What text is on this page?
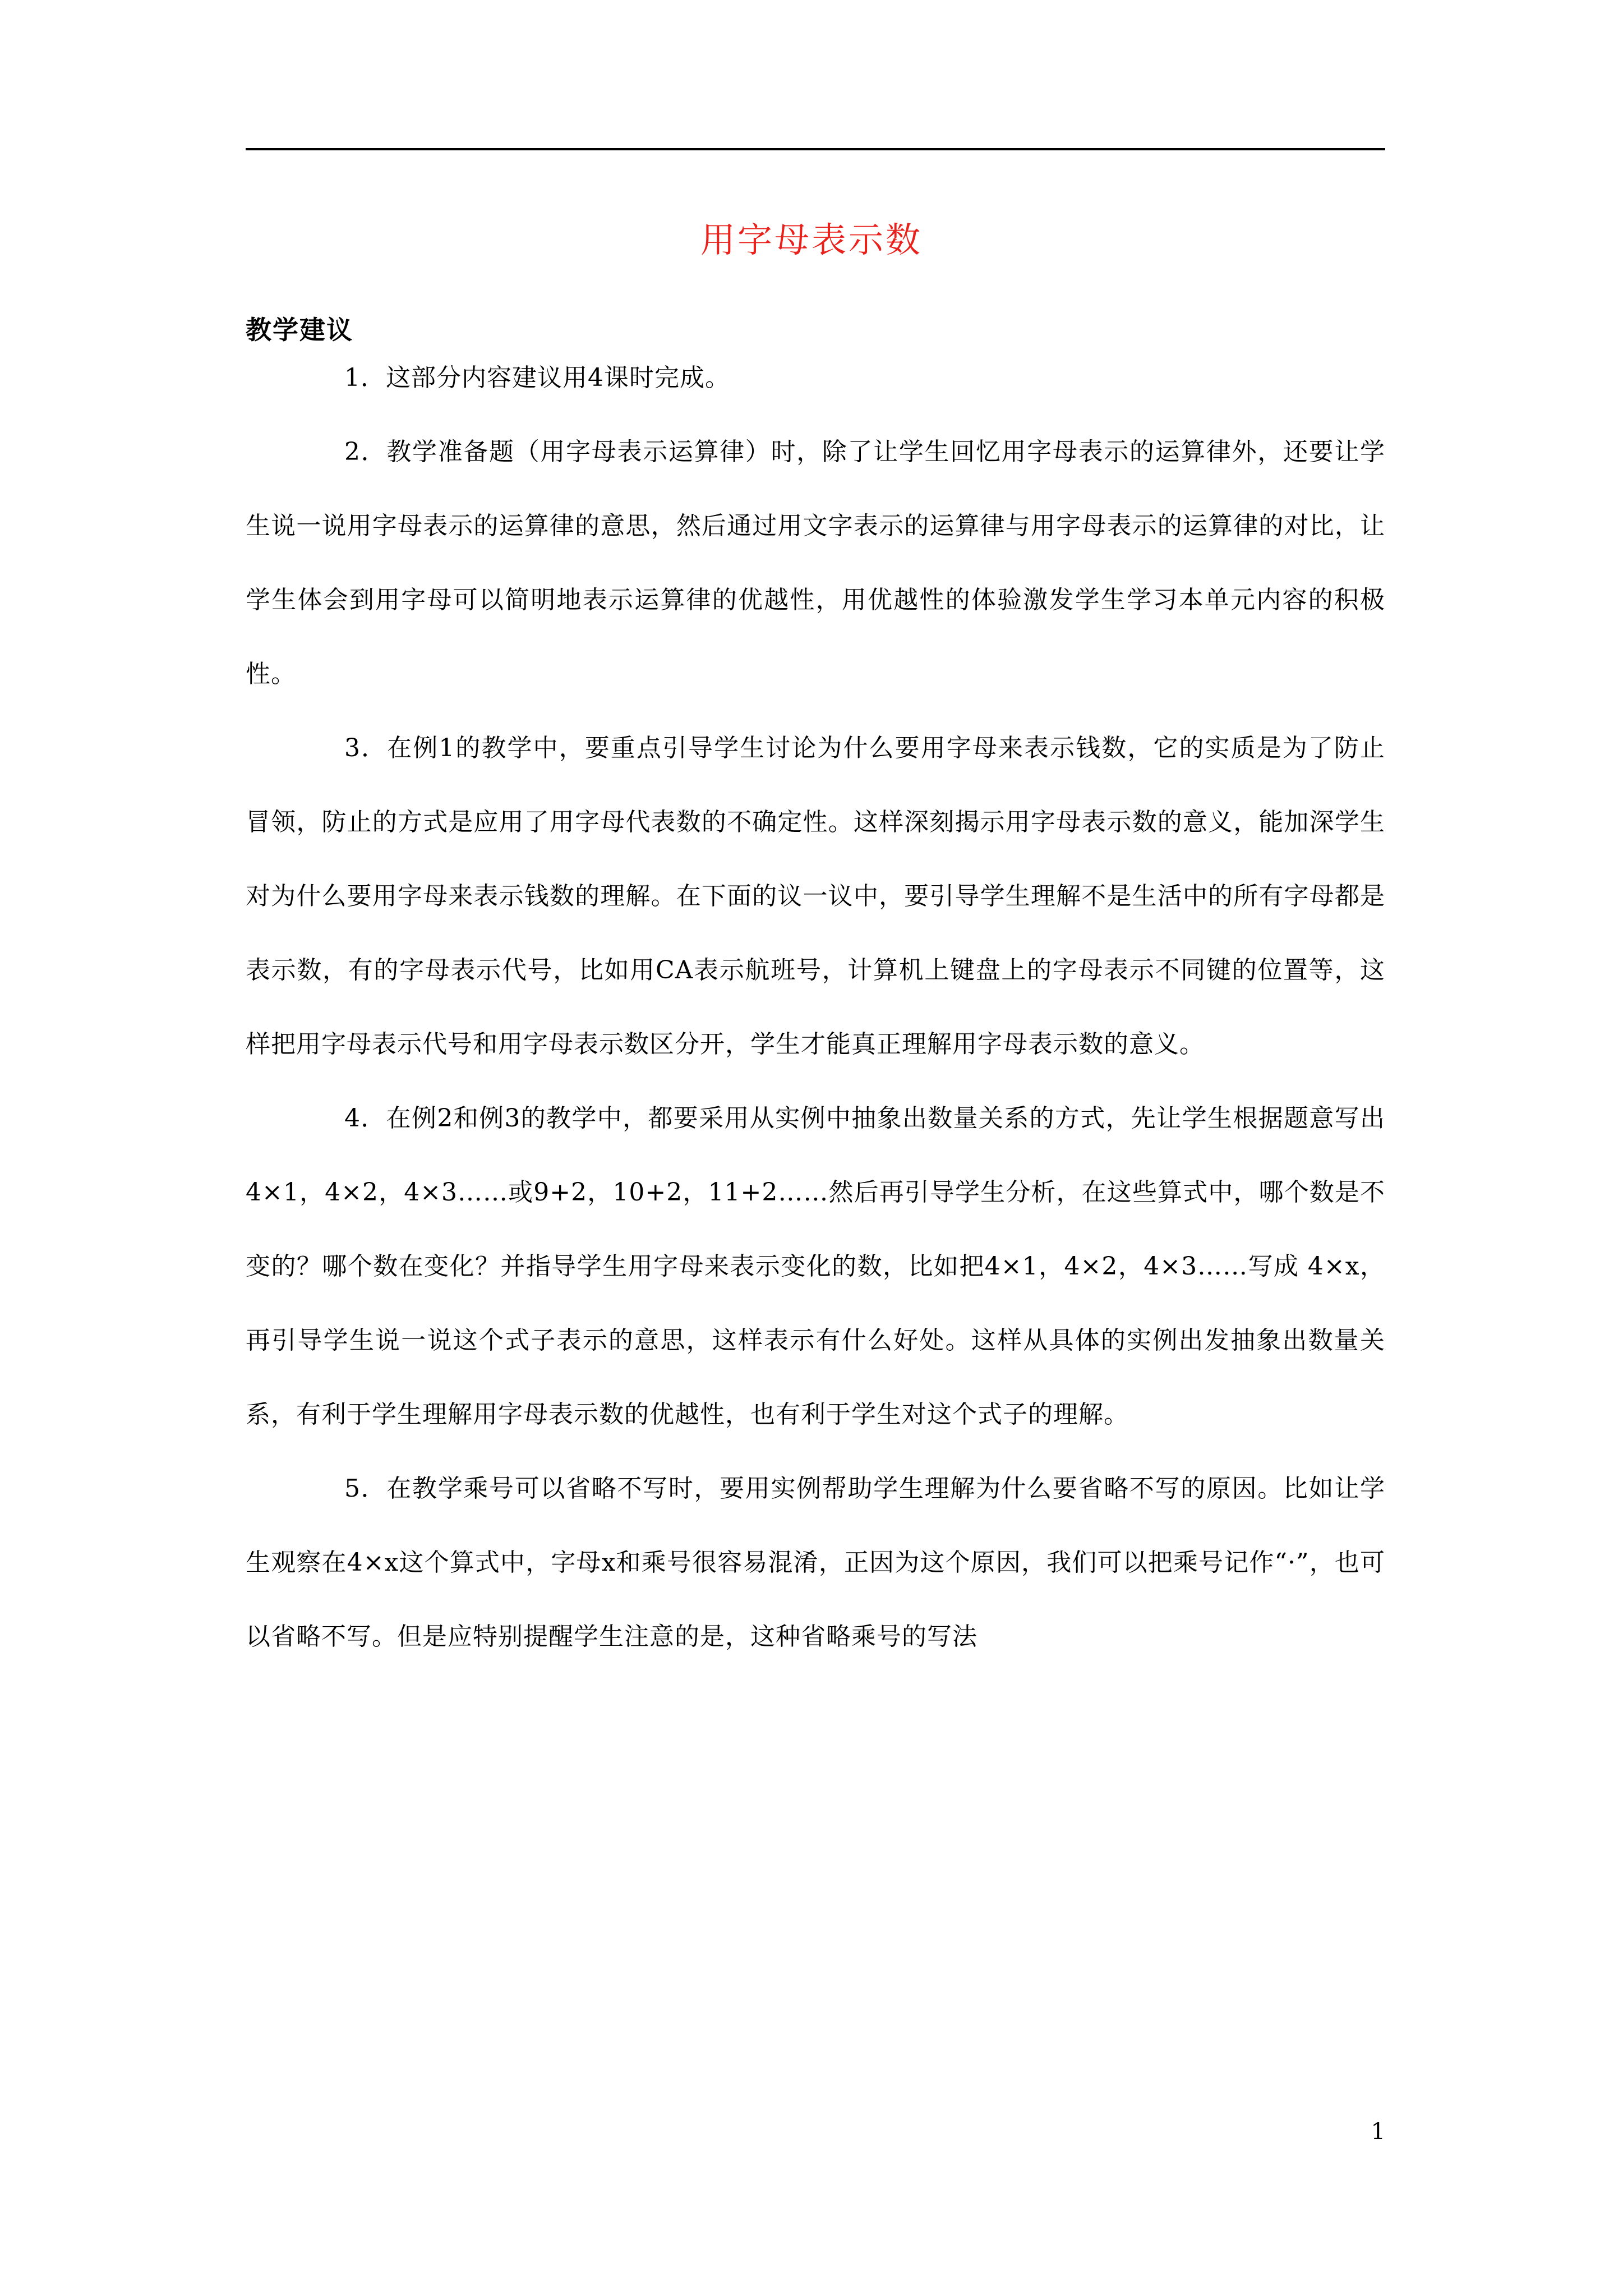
用字母表示数
教学建议

1．这部分内容建议用4课时完成。

2．教学准备题（用字母表示运算律）时，除了让学生回忆用字母表示的运算律外，还要让学生说一说用字母表示的运算律的意思，然后通过用文字表示的运算律与用字母表示的运算律的对比，让学生体会到用字母可以简明地表示运算律的优越性，用优越性的体验激发学生学习本单元内容的积极性。

3．在例1的教学中，要重点引导学生讨论为什么要用字母来表示钱数，它的实质是为了防止冒领，防止的方式是应用了用字母代表数的不确定性。这样深刻揭示用字母表示数的意义，能加深学生对为什么要用字母来表示钱数的理解。在下面的议一议中，要引导学生理解不是生活中的所有字母都是表示数，有的字母表示代号，比如用CA表示航班号，计算机上键盘上的字母表示不同键的位置等，这样把用字母表示代号和用字母表示数区分开，学生才能真正理解用字母表示数的意义。

4．在例2和例3的教学中，都要采用从实例中抽象出数量关系的方式，先让学生根据题意写出4×1，4×2，4×3……或9+2，10+2，11+2……然后再引导学生分析，在这些算式中，哪个数是不变的？哪个数在变化？并指导学生用字母来表示变化的数，比如把4×1，4×2，4×3……写成 4×x，再引导学生说一说这个式子表示的意思，这样表示有什么好处。这样从具体的实例出发抽象出数量关系，有利于学生理解用字母表示数的优越性，也有利于学生对这个式子的理解。

5．在教学乘号可以省略不写时，要用实例帮助学生理解为什么要省略不写的原因。比如让学生观察在4×x这个算式中，字母x和乘号很容易混淆，正因为这个原因，我们可以把乘号记作“·”，也可以省略不写。但是应特别提醒学生注意的是，这种省略乘号的写法

1
